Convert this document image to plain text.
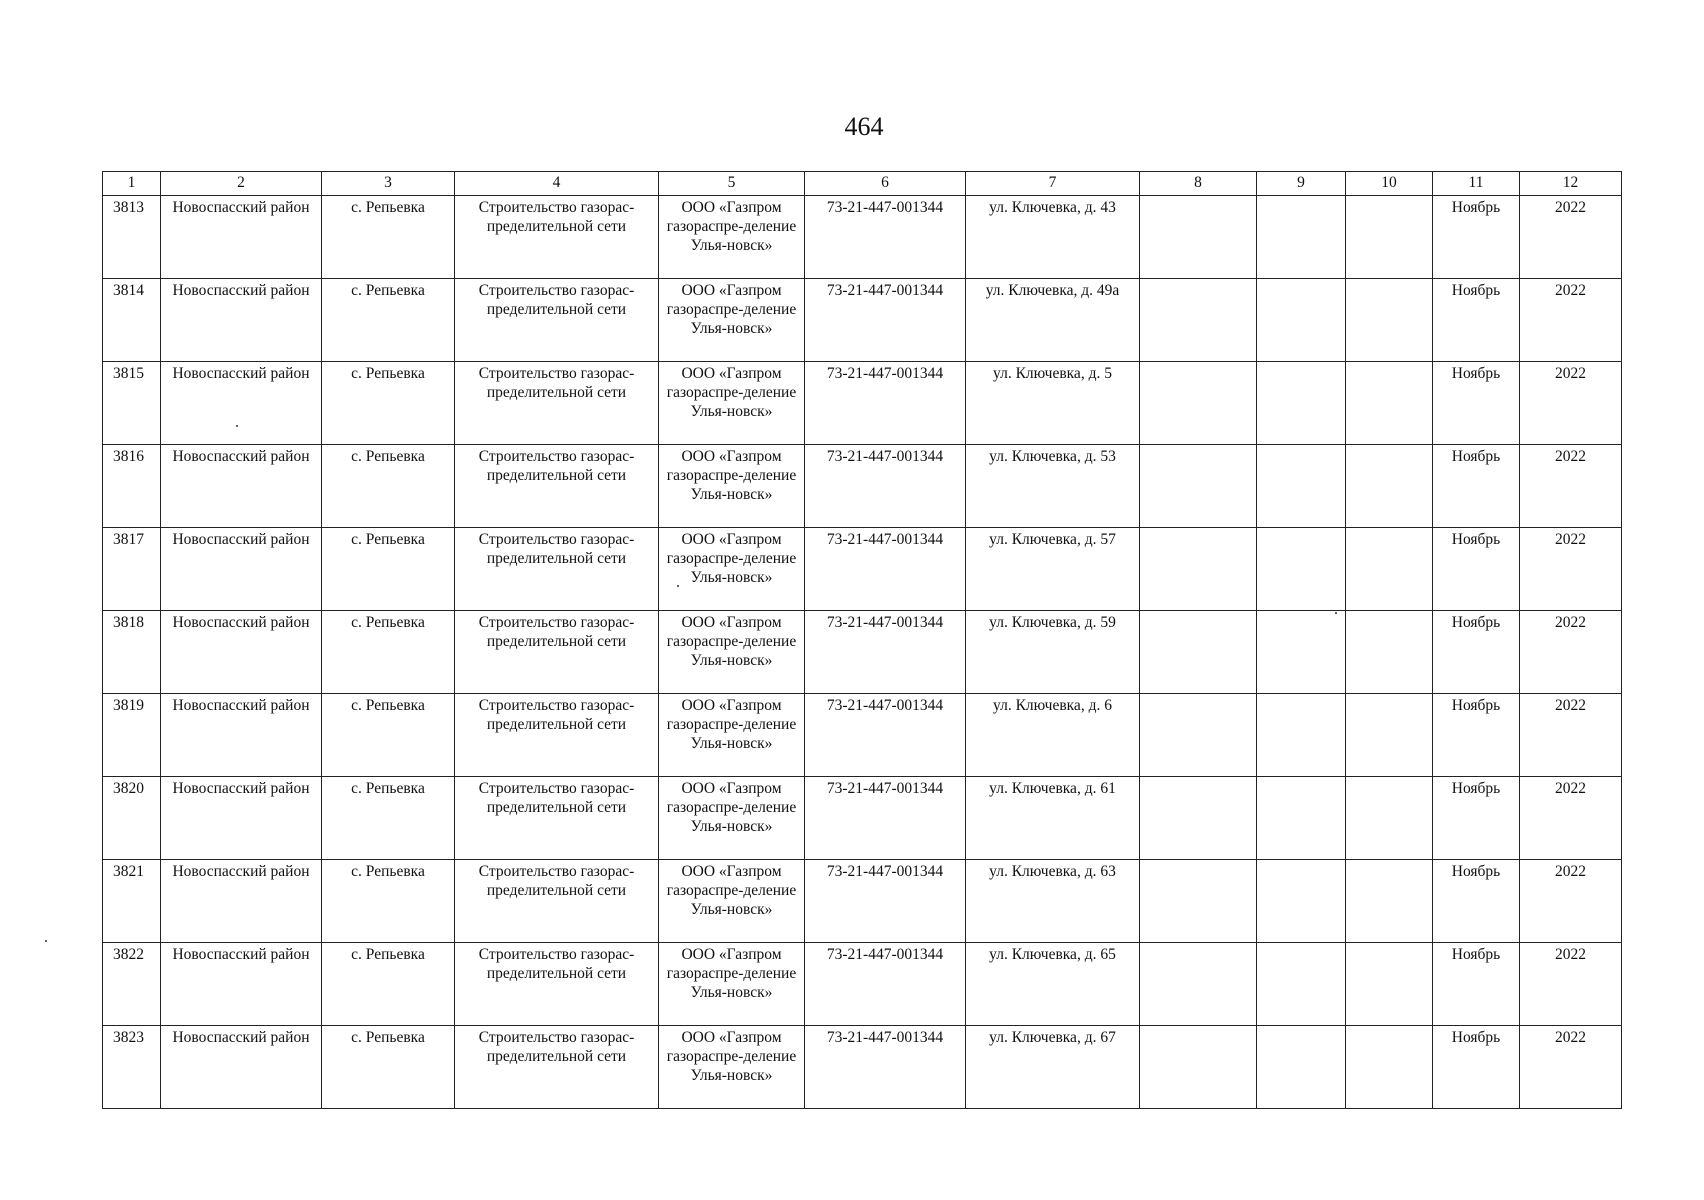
464
1	2	3	4	5	6	7	8	9	10	11	12
3813	Новоспасский район	с. Репьевка	Строительство газорас-пределительной сети	ООО «Газпром газораспре-деление Улья-новск»	73-21-447-001344	ул. Ключевка, д. 43				Ноябрь	2022
3814	Новоспасский район	с. Репьевка	Строительство газорас-пределительной сети	ООО «Газпром газораспре-деление Улья-новск»	73-21-447-001344	ул. Ключевка, д. 49а				Ноябрь	2022
3815	Новоспасский район	с. Репьевка	Строительство газорас-пределительной сети	ООО «Газпром газораспре-деление Улья-новск»	73-21-447-001344	ул. Ключевка, д. 5				Ноябрь	2022
3816	Новоспасский район	с. Репьевка	Строительство газорас-пределительной сети	ООО «Газпром газораспре-деление Улья-новск»	73-21-447-001344	ул. Ключевка, д. 53				Ноябрь	2022
3817	Новоспасский район	с. Репьевка	Строительство газорас-пределительной сети	ООО «Газпром газораспре-деление Улья-новск»	73-21-447-001344	ул. Ключевка, д. 57				Ноябрь	2022
3818	Новоспасский район	с. Репьевка	Строительство газорас-пределительной сети	ООО «Газпром газораспре-деление Улья-новск»	73-21-447-001344	ул. Ключевка, д. 59				Ноябрь	2022
3819	Новоспасский район	с. Репьевка	Строительство газорас-пределительной сети	ООО «Газпром газораспре-деление Улья-новск»	73-21-447-001344	ул. Ключевка, д. 6				Ноябрь	2022
3820	Новоспасский район	с. Репьевка	Строительство газорас-пределительной сети	ООО «Газпром газораспре-деление Улья-новск»	73-21-447-001344	ул. Ключевка, д. 61				Ноябрь	2022
3821	Новоспасский район	с. Репьевка	Строительство газорас-пределительной сети	ООО «Газпром газораспре-деление Улья-новск»	73-21-447-001344	ул. Ключевка, д. 63				Ноябрь	2022
3822	Новоспасский район	с. Репьевка	Строительство газорас-пределительной сети	ООО «Газпром газораспре-деление Улья-новск»	73-21-447-001344	ул. Ключевка, д. 65				Ноябрь	2022
3823	Новоспасский район	с. Репьевка	Строительство газорас-пределительной сети	ООО «Газпром газораспре-деление Улья-новск»	73-21-447-001344	ул. Ключевка, д. 67				Ноябрь	2022
